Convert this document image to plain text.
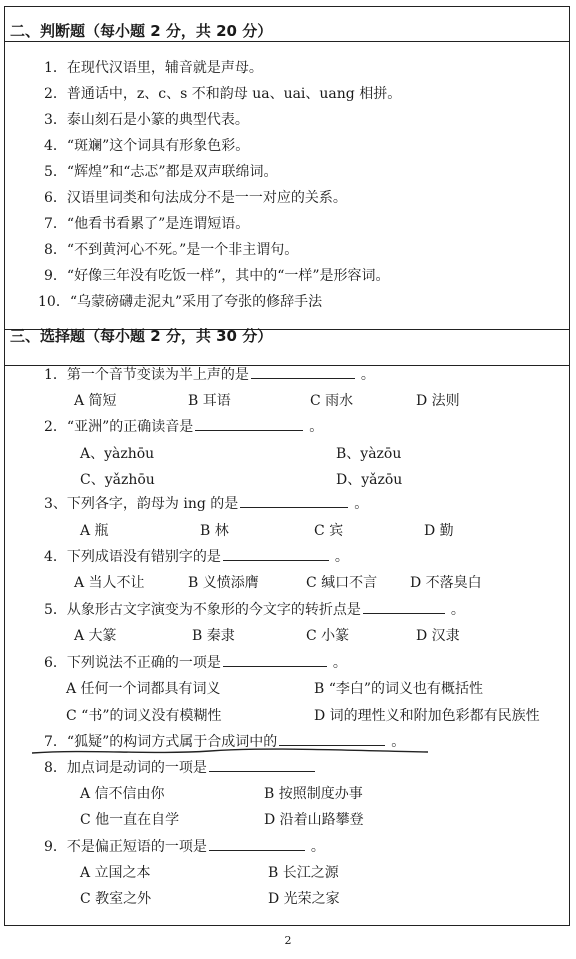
二、判断题（每小题 2 分，共 20 分）
1．在现代汉语里，辅音就是声母。
2．普通话中，z、c、s 不和韵母 ua、uai、uang 相拼。
3．泰山刻石是小篆的典型代表。
4．“斑斓”这个词具有形象色彩。
5．“辉煌”和“忐忑”都是双声联绵词。
6．汉语里词类和句法成分不是一一对应的关系。
7．“他看书看累了”是连谓短语。
8．“不到黄河心不死。”是一个非主谓句。
9．“好像三年没有吃饭一样”，其中的“一样”是形容词。
10．“乌蒙磅礴走泥丸”采用了夸张的修辞手法
三、选择题（每小题 2 分，共 30 分）
1．第一个音节变读为半上声的是	。
A 简短	B 耳语	C 雨水	D 法则
2．“亚洲”的正确读音是	。
A、yàzhōu	B、yàzōu
C、yǎzhōu	D、yǎzōu
3、下列各字，韵母为 ing 的是	。
A 瓶	B 林	C 宾	D 勤
4．下列成语没有错别字的是	。
A 当人不让	B 义愤添膺	C 缄口不言 D 不落臭白
5．从象形古文字演变为不象形的今文字的转折点是	。
A 大篆	B 秦隶	C 小篆	D 汉隶
6．下列说法不正确的一项是	。
A 任何一个词都具有词义	B “李白”的词义也有概括性
C “书”的词义没有模糊性	D 词的理性义和附加色彩都有民族性
7．“狐疑”的构词方式属于合成词中的	。
8．加点词是动词的一项是
A 信不信由你	B 按照制度办事
C 他一直在自学	D 沿着山路攀登
9．不是偏正短语的一项是	。
A 立国之本	B 长江之源
C 教室之外	D 光荣之家
2
